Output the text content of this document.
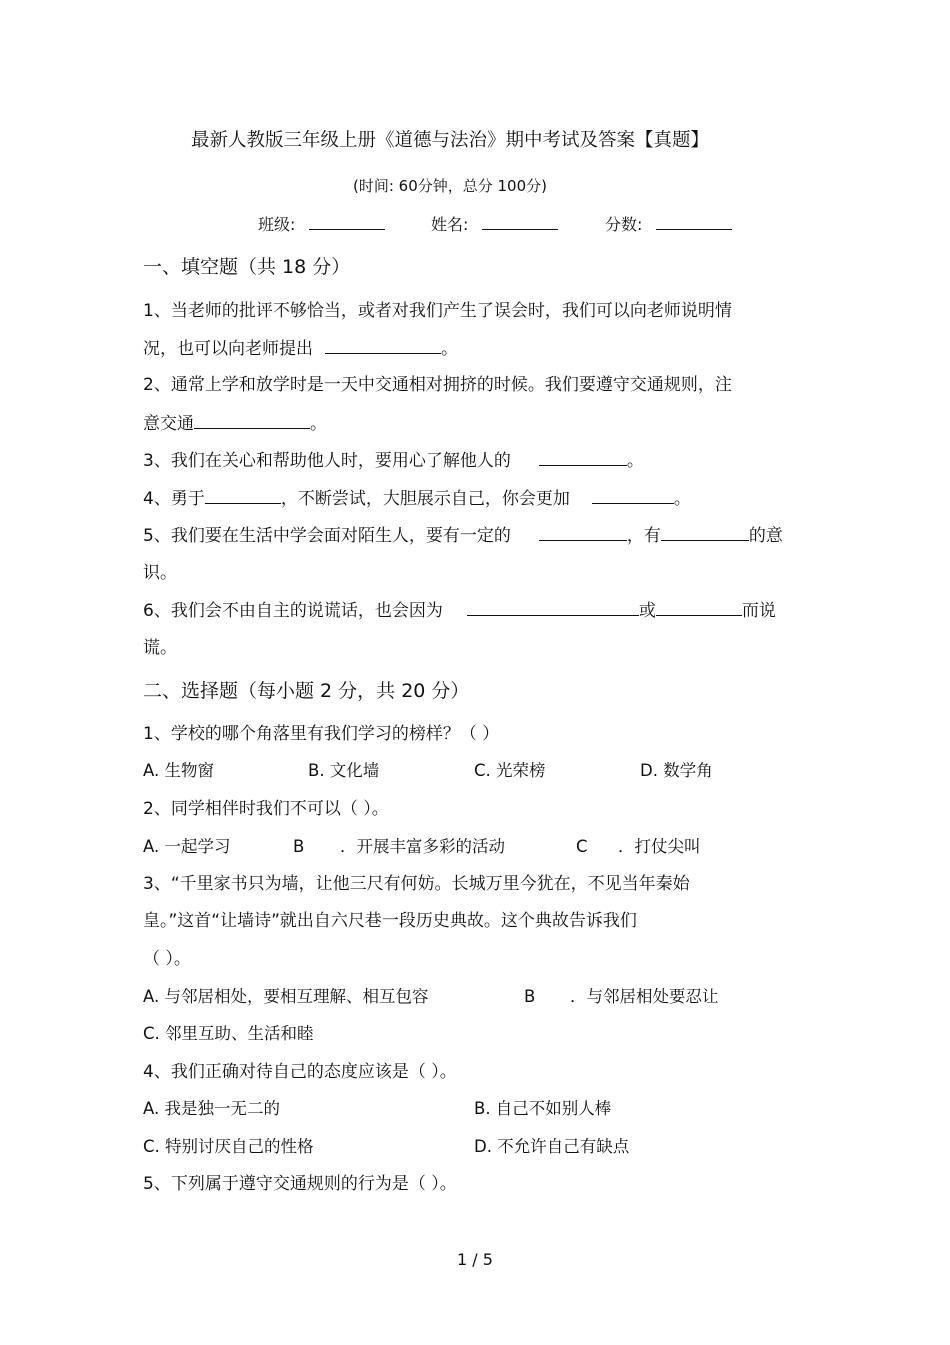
最新人教版三年级上册《道德与法治》期中考试及答案【真题】
(时间: 60分钟，总分 100分)
班级:	姓名:	分数:
一、填空题（共 18 分）
1、当老师的批评不够恰当，或者对我们产生了误会时，我们可以向老师说明情
况，也可以向老师提出	。
2、通常上学和放学时是一天中交通相对拥挤的时候。我们要遵守交通规则，注
意交通	。
3、我们在关心和帮助他人时，要用心了解他人的	。
4、勇于	，不断尝试，大胆展示自己，你会更加	。
5、我们要在生活中学会面对陌生人，要有一定的	，有	的意
识。
6、我们会不由自主的说谎话，也会因为	或	而说
谎。
二、选择题（每小题 2 分，共 20 分）
1、学校的哪个角落里有我们学习的榜样？（ ）
A. 生物窗	B. 文化墙	C. 光荣榜	D. 数学角
2、同学相伴时我们不可以（ ）。
A. 一起学习	B ．开展丰富多彩的活动	C ．打仗尖叫
3、“千里家书只为墙，让他三尺有何妨。长城万里今犹在，不见当年秦始
皇。”这首“让墙诗”就出自六尺巷一段历史典故。这个典故告诉我们
（ ）。
A. 与邻居相处，要相互理解、相互包容	B ．与邻居相处要忍让
C. 邻里互助、生活和睦
4、我们正确对待自己的态度应该是（ ）。
A. 我是独一无二的	B. 自己不如别人棒
C. 特别讨厌自己的性格	D. 不允许自己有缺点
5、下列属于遵守交通规则的行为是（ ）。
1 / 5
